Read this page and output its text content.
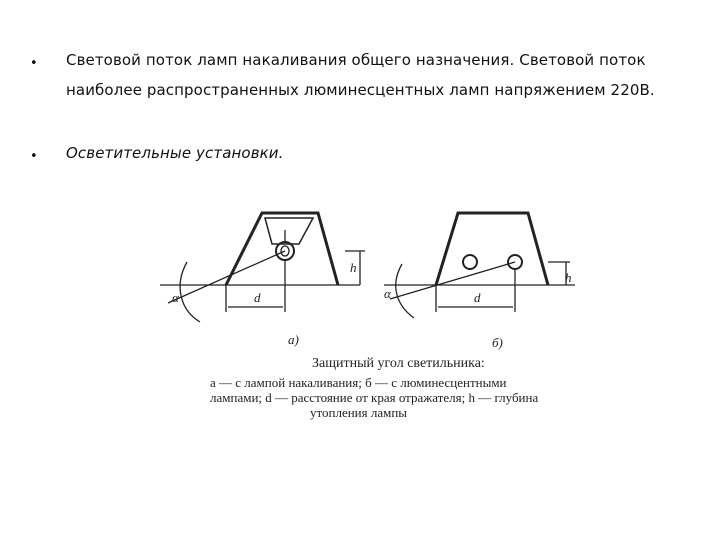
• Световой поток ламп накаливания общего назначения. Световой поток
наиболее распространенных люминесцентных ламп напряжением 220В.
• Осветительные установки.
α	d
h
α	d
h
а)	б)
Защитный угол светильника:
а — с лампой накаливания; б — с люминесцентными
лампами; d — расстояние от края отражателя; h — глубина
утопления лампы
